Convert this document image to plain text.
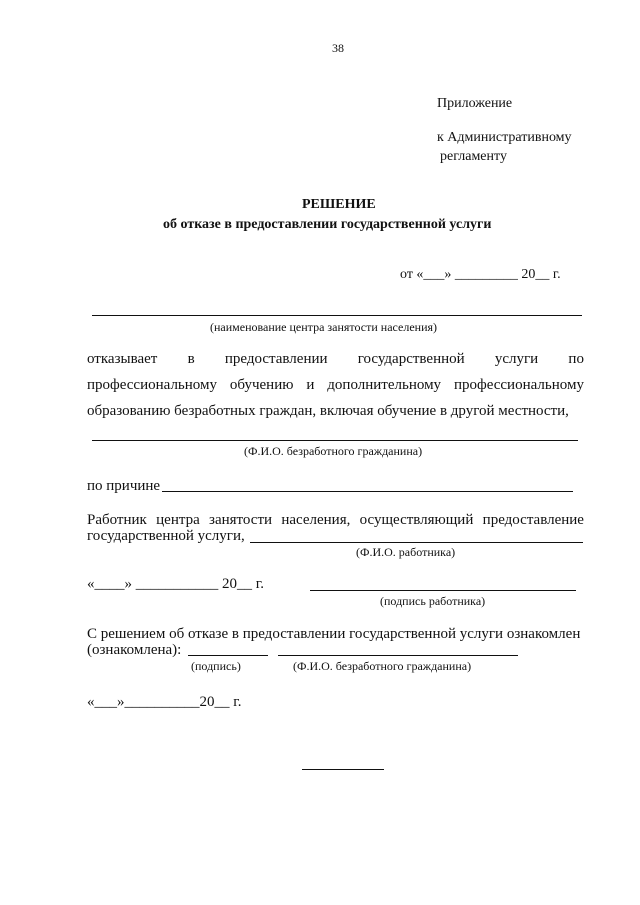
38
Приложение
к Административному
регламенту
РЕШЕНИЕ
об отказе в предоставлении государственной услуги
от «___» _________ 20__ г.
(наименование центра занятости населения)
отказывает в предоставлении государственной услуги по
профессиональному обучению и дополнительному профессиональному
образованию безработных граждан, включая обучение в другой местности,
(Ф.И.О. безработного гражданина)
по причине
Работник центра занятости населения, осуществляющий предоставление
государственной услуги,
(Ф.И.О. работника)
«____» ___________ 20__ г.
(подпись работника)
С решением об отказе в предоставлении государственной услуги ознакомлен
(ознакомлена):
(подпись)	(Ф.И.О. безработного гражданина)
«___»__________20__ г.
